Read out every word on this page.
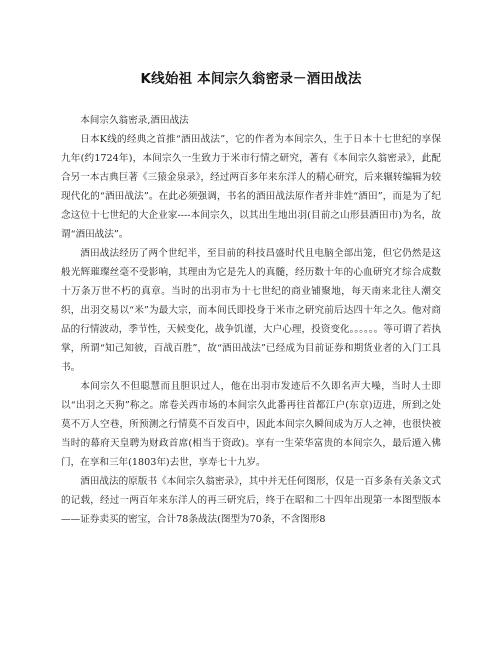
K线始祖 本间宗久翁密录－酒田战法

本间宗久翁密录,酒田战法

日本K线的经典之首推“酒田战法”，它的作者为本间宗久，生于日本十七世纪的享保九年(约1724年)，本间宗久一生致力于米市行情之研究，著有《本间宗久翁密录》，此配合另一本古典巨著《三猿金泉录》，经过两百多年来东洋人的精心研究，后来辗转编辑为较现代化的“酒田战法”。在此必须强调，书名的酒田战法原作者并非姓“酒田”，而是为了纪念这位十七世纪的大企业家----本间宗久，以其出生地出羽(目前之山形县酒田市)为名，故谓“酒田战法”。

酒田战法经历了两个世纪半，至目前的科技昌盛时代且电脑全部出笼，但它仍然是这般光辉璀璨丝毫不受影响，其理由为它是先人的真髓，经历数十年的心血研究才综合成数十万条万世不朽的真章。当时的出羽市为十七世纪的商业铺聚地，每天南来北往人潮交织，出羽交易以“米”为最大宗，而本间氏即投身于米市之研究前后达四十年之久。他对商品的行情波动，季节性，天候变化，战争饥谨，大户心理，投资变化。。。。。。等可谓了若执掌，所谓“知己知彼，百战百胜”，故“酒田战法”已经成为目前证券和期货业者的入门工具书。

本间宗久不但聪慧而且胆识过人，他在出羽市发迹后不久即名声大噪，当时人士即以“出羽之天狗”称之。席卷关西市场的本间宗久此番再往首都江户(东京)迈进，所到之处莫不万人空巷，所预测之行情莫不百发百中，因此本间宗久瞬间成为万人之神，也很快被当时的幕府天皇聘为财政首席(相当于资政)。享有一生荣华富贵的本间宗久，最后遁入佛门，在享和三年(1803年)去世，享寿七十九岁。

酒田战法的原版书《本间宗久翁密录》，其中并无任何图形，仅是一百多条有关条文式的记载，经过一两百年来东洋人的再三研究后，终于在昭和二十四年出现第一本图型版本——证券卖买的密宝，合计78条战法(图型为70条，不含图形8
